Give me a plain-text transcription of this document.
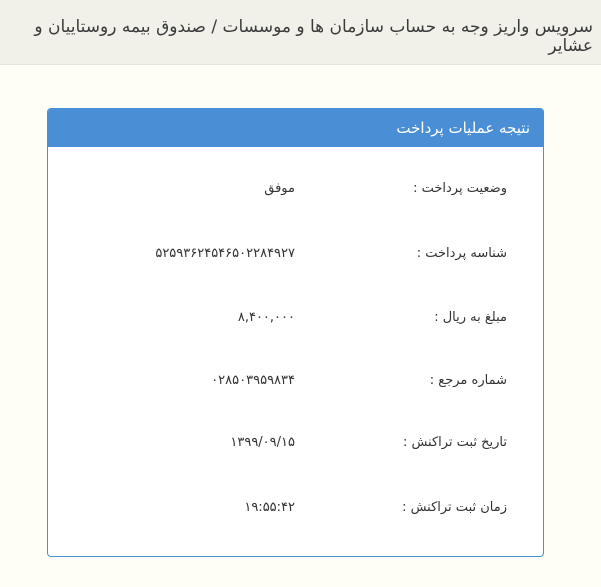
سرویس واریز وجه به حساب سازمان ها و موسسات / صندوق بیمه روستاییان و عشایر
نتیجه عملیات پرداخت
وضعیت پرداخت :
موفق
شناسه پرداخت :
۵۲۵۹۳۶۲۴۵۴۶۵۰۲۲۸۴۹۲۷
مبلغ به ریال :
۸,۴۰۰,۰۰۰
شماره مرجع :
۰۲۸۵۰۳۹۵۹۸۳۴
تاریخ ثبت تراکنش :
۱۳۹۹/۰۹/۱۵
زمان ثبت تراکنش :
۱۹:۵۵:۴۲
